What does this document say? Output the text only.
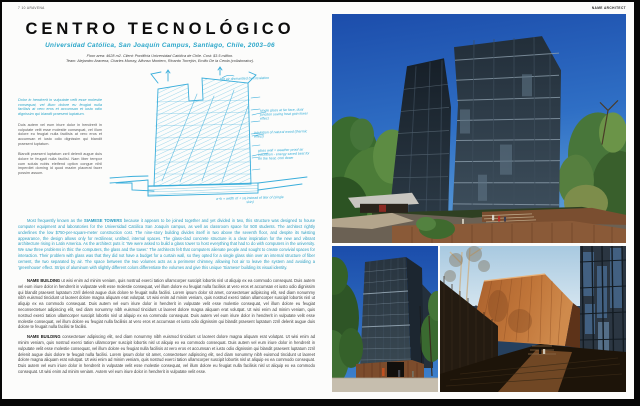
7 10 ARAVENA
CENTRO TECNOLÓGICO
Universidad Católica, San Joaquín Campus, Santiago, Chile, 2003–06
Floor area: 4628 m2. Client: Pontificia Universidad Católica de Chile. Cost: $3.5 million.
Team: Alejandro Aravena, Charles Murray, Alfonso Montero, Ricardo Torrejón, Emilio De la Cerda (collaborator).

Dolor in hendrerit in vulputate velit esse molestie consequat, vel illum dolore eu feugiat nulla facilisis at vero eros et accumsan et iusto odio dignissim qui blandit praesent luptatum.

Duis autem vel eum iriure dolor in hendrerit in vulputate velit esse molestie consequat, vel illum dolore eu feugiat nulla facilisis at vero eros et accumsan et iusto odio dignissim qui blandit praesent luptatum.

Blandit praesent luptatum zzril delenit augue duis dolore te feugait nulla facilisi. Nam liber tempor cum soluta nobis eleifend option congue nihil imperdiet doming id quod mazim placerat facer possim assum.

hot air dismantled by circulation
single glass at far face, dual junction saving heat gain lower effect
insulation of natural wood (thermic effect)
glass wall + weather proof air insulation - energy saved best for on the heat, cool down
a+b = width of + sq instead of liter of (single skin)

Most frequently known as the SIAMESE TOWERS because it appears to be joined together and yet divided in two, this structure was designed to house computer equipment and laboratories for the Universidad Católica San Joaquín campus, as well as classroom space for 500 students. The architect rightly underlines the low $750-per-square-meter construction cost. The nine-story building divides itself in two above the seventh floor, and despite its twisting appearance, the design allows only for rectilinear, untilted, internal spaces. The glass-clad concrete structure is a clear inspiration for the new and vibrant architecture rising in Latin America. As the architect puts it: 'We were asked to build a glass tower to host everything that had to do with computers in the university. We saw three problems in this: the computers, the glass and the tower.' The architects felt that computers alienate people and sought to create convivial spaces for interaction. Their problem with glass was that they did not have a budget for a curtain wall, so they opted for a single glass skin over an internal structure of fiber cement, the two separated by air. The space between the two volumes acts as a perimeter chimney, allowing hot air to leave the system and avoiding a 'greenhouse' effect. Strips of aluminum with slightly different colors differentiate the volumes and give this unique 'Siamese' building its visual identity.

NAME BUILDING ut wisi enim ad minim veniam, quis nostrud exerci tation ullamcorper suscipit lobortis nisl ut aliquip ex ea commodo consequat. Duis autem vel eum iriure dolor in hendrerit in vulputate velit esse molestie consequat, vel illum dolore eu feugiat nulla facilisis at vero eros et accumsan et iusto odio dignissim qui blandit praesent luptatum zzril delenit augue duis dolore te feugait nulla facilisi. Lorem ipsum dolor sit amet, consectetuer adipiscing elit, sed diam nonummy nibh euismod tincidunt ut laoreet dolore magna aliquam erat volutpat. Ut wisi enim ad minim veniam, quis nostrud exerci tation ullamcorper suscipit lobortis nisl ut aliquip ex ea commodo consequat. Duis autem vel eum iriure dolor in hendrerit in vulputate velit esse molestie consequat, vel illum dolore eu feugiat neconsectetuer adipiscing elit, sed diam nonummy nibh euismod tincidunt ut laoreet dolore magna aliquam erat volutpat. Ut wisi enim ad minim veniam, quis nostrud exerci tation ullamcorper suscipit lobortis nisl ut aliquip ex ea commodo consequat. Duis autem vel eum iriure dolor in hendrerit in vulputate velit esse molestie consequat, vel illum dolore eu feugiat nulla facilisis at vero eros et accumsan et iusto odio dignissim qui blandit praesent luptatum zzril delenit augue duis dolore te feugait nulla facilisi te facilisi.

NAME BUILDING consectetuer adipiscing elit, sed diam nonummy nibh euismod tincidunt ut laoreet dolore magna aliquam erat volutpat. Ut wisi enim ad minim veniam, quis nostrud exerci tation ullamcorper suscipit lobortis nisl ut aliquip ex ea commodo consequat. Duis autem vel eum iriure dolor in hendrerit in vulputate velit esse molestie consequat, vel illum dolore eu feugiat nulla facilisis at vero eros et accumsan et iusto odio dignissim qui blandit praesent luptatum zzril delenit augue duis dolore te feugait nulla facilisi. Lorem ipsum dolor sit amet, consectetuer adipiscing elit, sed diam nonummy nibh euismod tincidunt ut laoreet dolore magna aliquam erat volutpat. Ut wisi enim ad minim veniam, quis nostrud exerci tation ullamcorper suscipit lobortis nisl ut aliquip ex ea commodo consequat. Duis autem vel eum iriure dolor in hendrerit in vulputate velit esse molestie consequat, vel illum dolore eu feugiat nulla facilisis nisl ut aliquip ex ea commodo consequat. Ut wisi enim ad minim veniam. Autem vel eum iriure dolor in hendrerit in vulputate velit esse.

NAME ARCHITECT
